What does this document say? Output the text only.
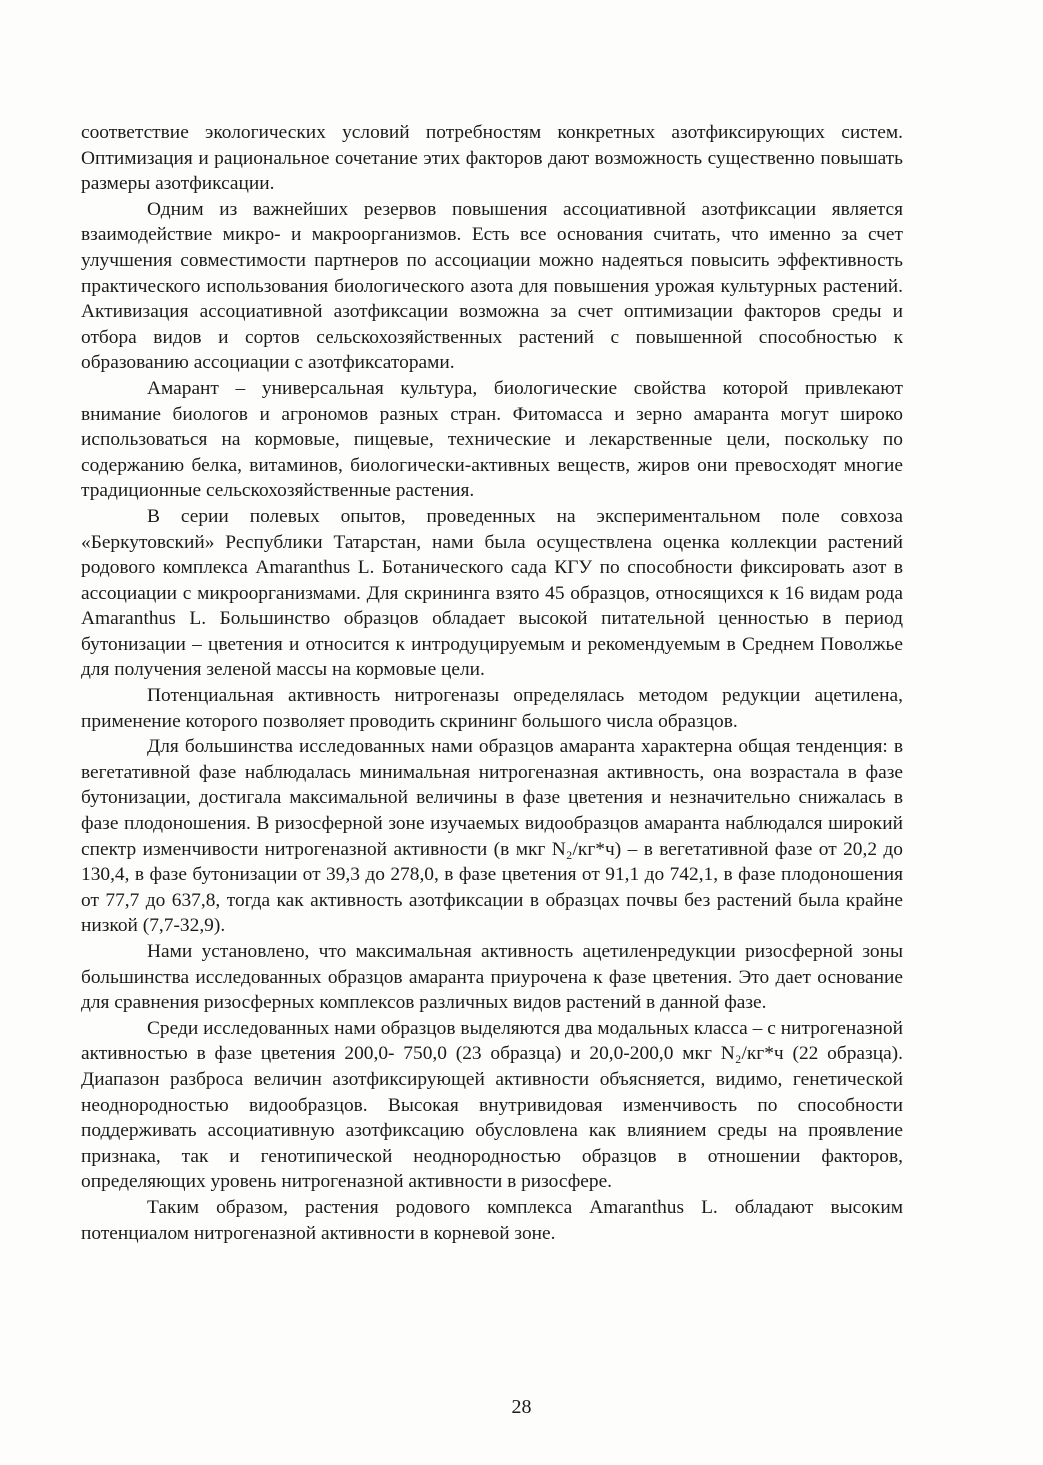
соответствие экологических условий потребностям конкретных азотфиксирующих систем. Оптимизация и рациональное сочетание этих факторов дают возможность существенно повышать размеры азотфиксации.

Одним из важнейших резервов повышения ассоциативной азотфиксации является взаимодействие микро- и макроорганизмов. Есть все основания считать, что именно за счет улучшения совместимости партнеров по ассоциации можно надеяться повысить эффективность практического использования биологического азота для повышения урожая культурных растений. Активизация ассоциативной азотфиксации возможна за счет оптимизации факторов среды и отбора видов и сортов сельскохозяйственных растений с повышенной способностью к образованию ассоциации с азотфиксаторами.

Амарант – универсальная культура, биологические свойства которой привлекают внимание биологов и агрономов разных стран. Фитомасса и зерно амаранта могут широко использоваться на кормовые, пищевые, технические и лекарственные цели, поскольку по содержанию белка, витаминов, биологически-активных веществ, жиров они превосходят многие традиционные сельскохозяйственные растения.

В серии полевых опытов, проведенных на экспериментальном поле совхоза «Беркутовский» Республики Татарстан, нами была осуществлена оценка коллекции растений родового комплекса Amaranthus L. Ботанического сада КГУ по способности фиксировать азот в ассоциации с микроорганизмами. Для скрининга взято 45 образцов, относящихся к 16 видам рода Amaranthus L. Большинство образцов обладает высокой питательной ценностью в период бутонизации – цветения и относится к интродуцируемым и рекомендуемым в Среднем Поволжье для получения зеленой массы на кормовые цели.

Потенциальная активность нитрогеназы определялась методом редукции ацетилена, применение которого позволяет проводить скрининг большого числа образцов.

Для большинства исследованных нами образцов амаранта характерна общая тенденция: в вегетативной фазе наблюдалась минимальная нитрогеназная активность, она возрастала в фазе бутонизации, достигала максимальной величины в фазе цветения и незначительно снижалась в фазе плодоношения. В ризосферной зоне изучаемых видообразцов амаранта наблюдался широкий спектр изменчивости нитрогеназной активности (в мкг N₂/кг*ч) – в вегетативной фазе от 20,2 до 130,4, в фазе бутонизации от 39,3 до 278,0, в фазе цветения от 91,1 до 742,1, в фазе плодоношения от 77,7 до 637,8, тогда как активность азотфиксации в образцах почвы без растений была крайне низкой (7,7-32,9).

Нами установлено, что максимальная активность ацетиленредукции ризосферной зоны большинства исследованных образцов амаранта приурочена к фазе цветения. Это дает основание для сравнения ризосферных комплексов различных видов растений в данной фазе.

Среди исследованных нами образцов выделяются два модальных класса – с нитрогеназной активностью в фазе цветения 200,0- 750,0 (23 образца) и 20,0-200,0 мкг N₂/кг*ч (22 образца). Диапазон разброса величин азотфиксирующей активности объясняется, видимо, генетической неоднородностью видообразцов. Высокая внутривидовая изменчивость по способности поддерживать ассоциативную азотфиксацию обусловлена как влиянием среды на проявление признака, так и генотипической неоднородностью образцов в отношении факторов, определяющих уровень нитрогеназной активности в ризосфере.

Таким образом, растения родового комплекса Amaranthus L. обладают высоким потенциалом нитрогеназной активности в корневой зоне.

28
